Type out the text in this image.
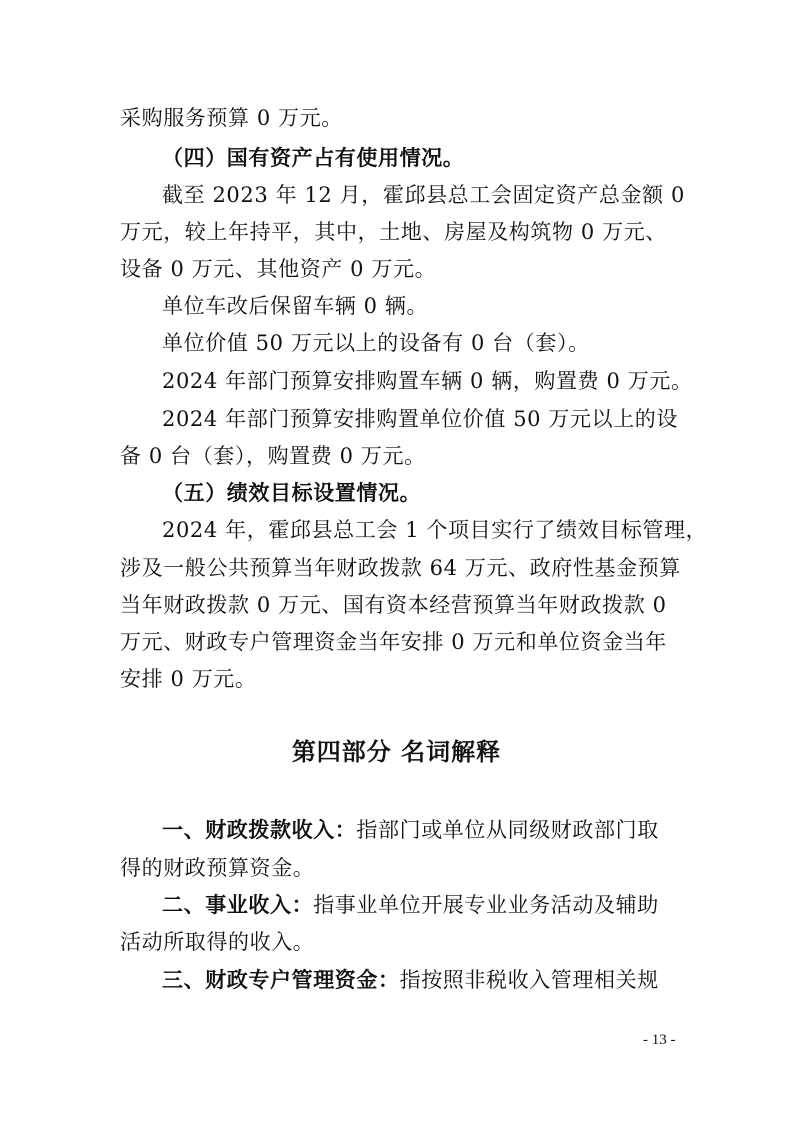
采购服务预算 0 万元。
（四）国有资产占有使用情况。
截至 2023 年 12 月，霍邱县总工会固定资产总金额 0
万元，较上年持平，其中，土地、房屋及构筑物 0 万元、
设备 0 万元、其他资产 0 万元。
单位车改后保留车辆 0 辆。
单位价值 50 万元以上的设备有 0 台（套）。
2024 年部门预算安排购置车辆 0 辆，购置费 0 万元。
2024 年部门预算安排购置单位价值 50 万元以上的设
备 0 台（套），购置费 0 万元。
（五）绩效目标设置情况。
2024 年，霍邱县总工会 1 个项目实行了绩效目标管理，
涉及一般公共预算当年财政拨款 64 万元、政府性基金预算
当年财政拨款 0 万元、国有资本经营预算当年财政拨款 0
万元、财政专户管理资金当年安排 0 万元和单位资金当年
安排 0 万元。
第四部分 名词解释
一、财政拨款收入：指部门或单位从同级财政部门取
得的财政预算资金。
二、事业收入：指事业单位开展专业业务活动及辅助
活动所取得的收入。
三、财政专户管理资金：指按照非税收入管理相关规
- 13 -
